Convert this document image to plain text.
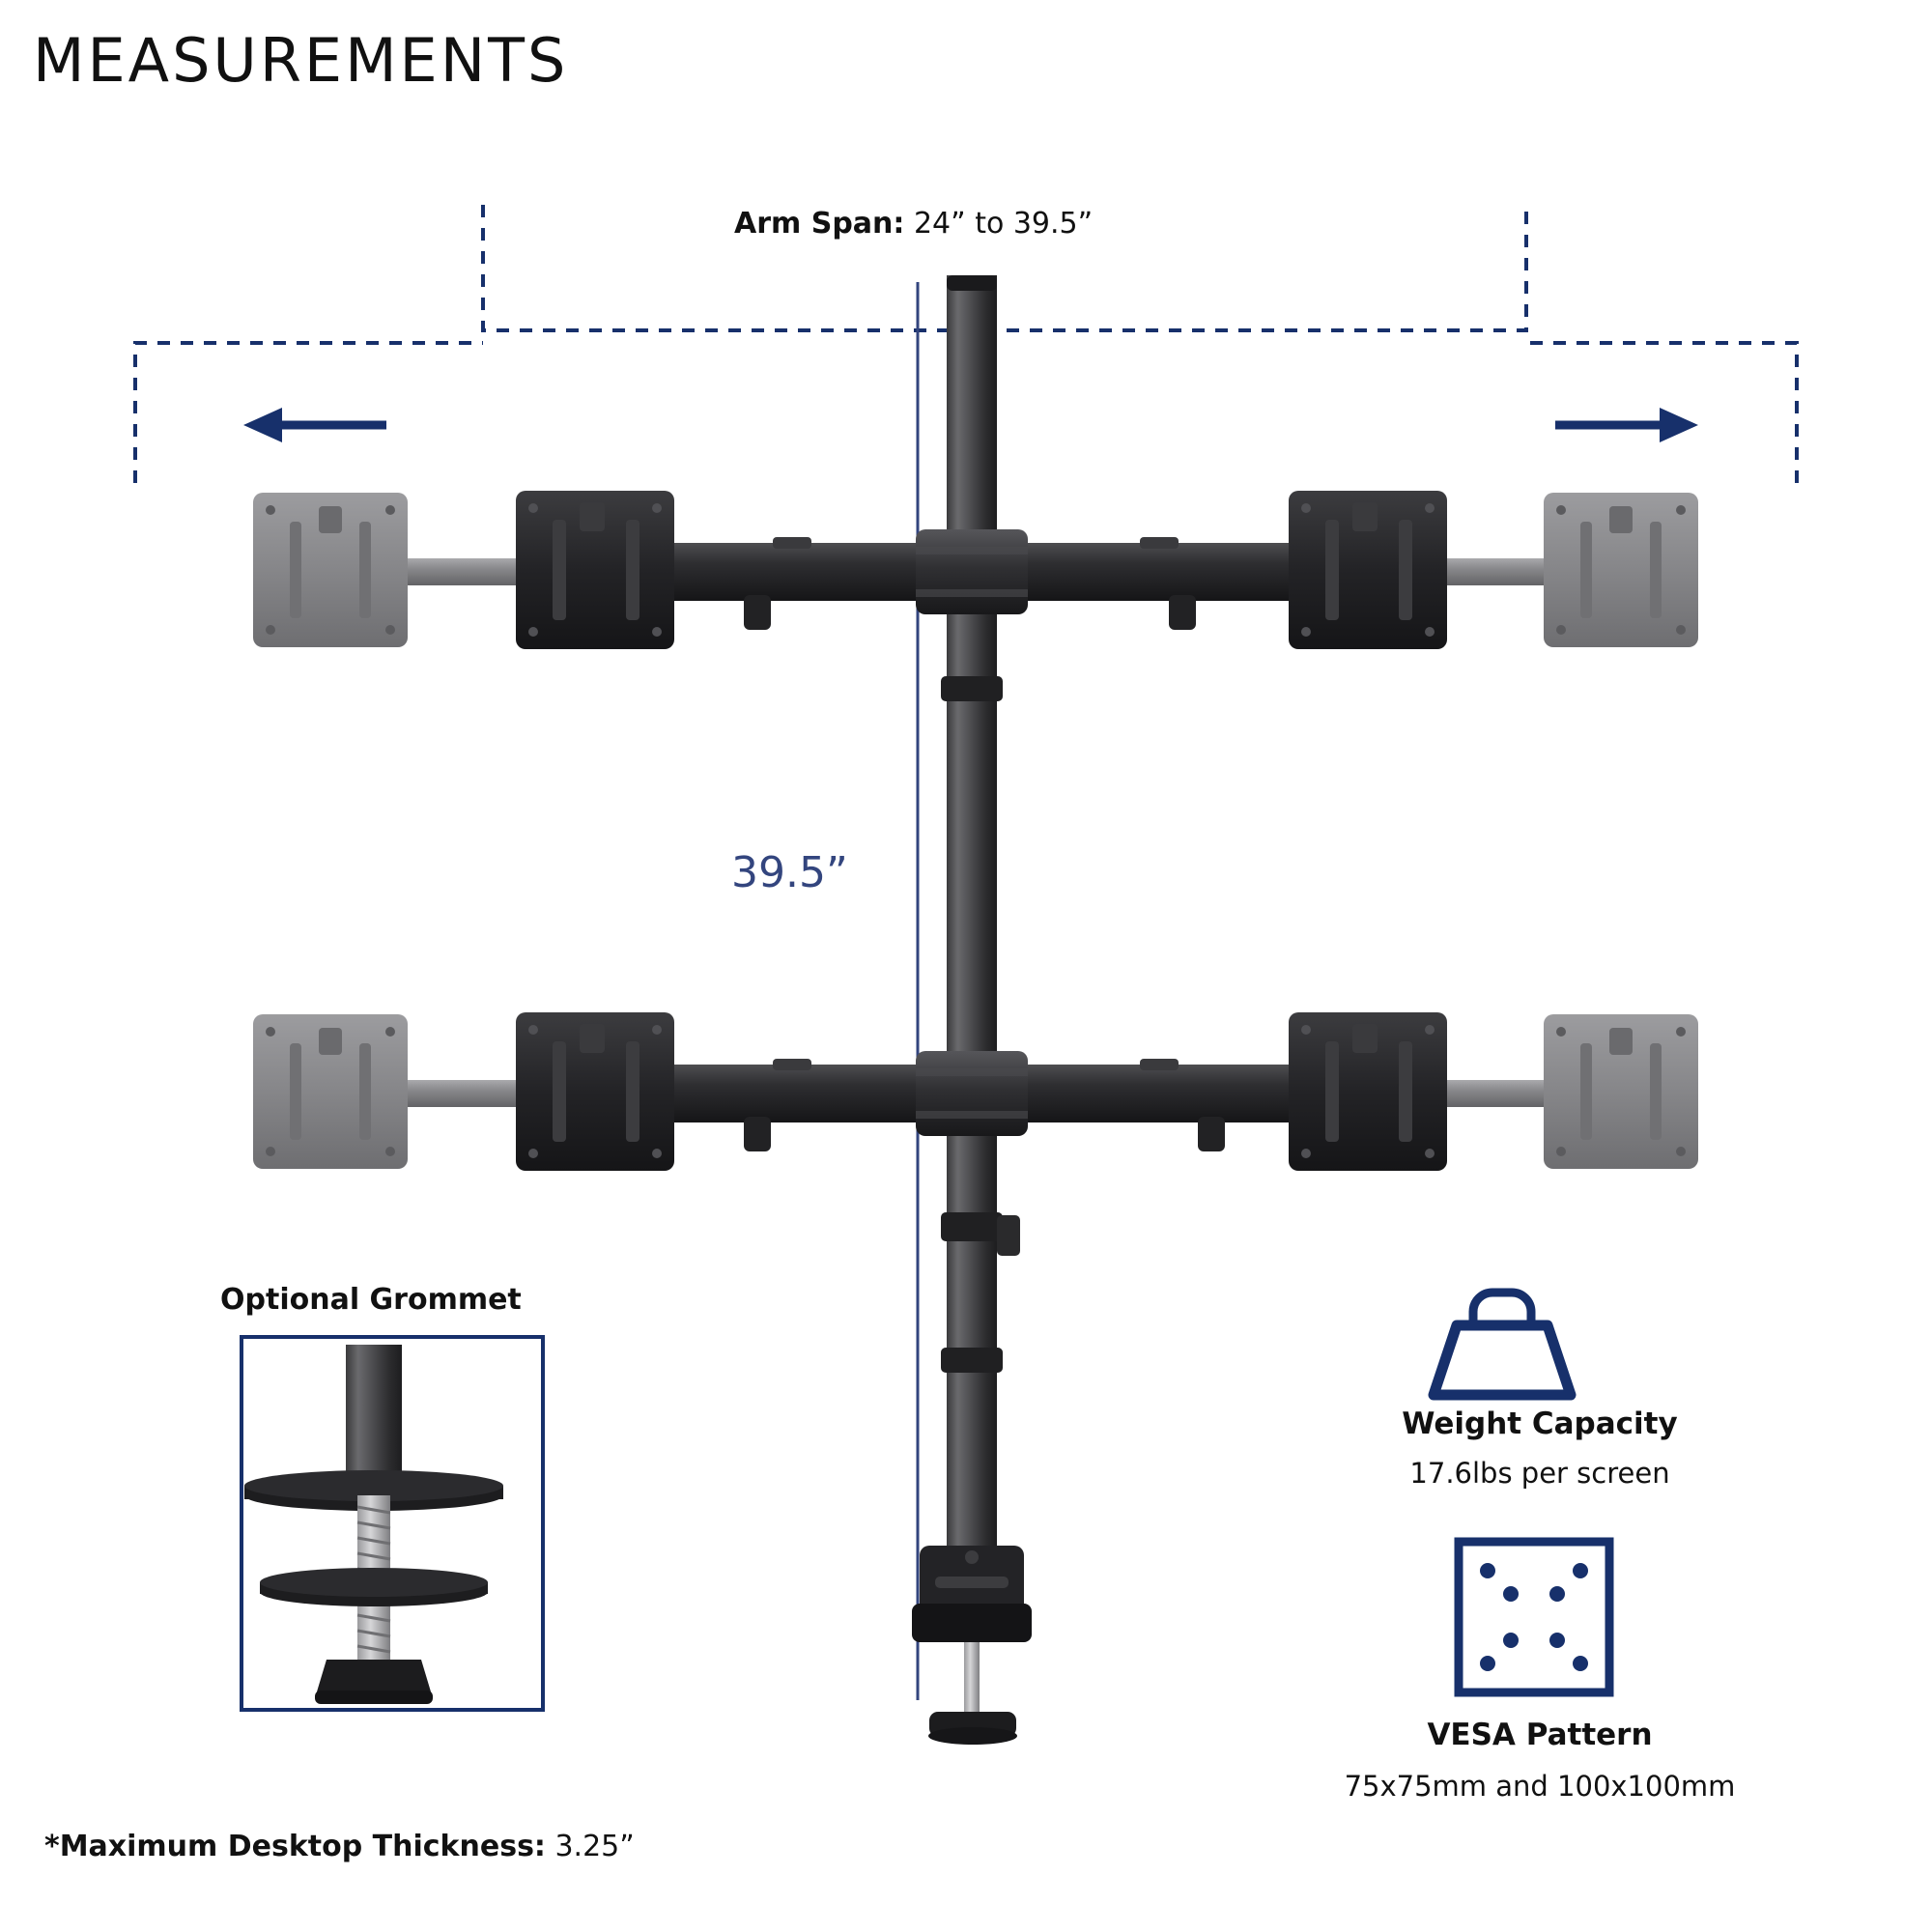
MEASUREMENTS
Arm Span: 24” to 39.5”
39.5”
Optional Grommet
Weight Capacity
17.6lbs per screen
VESA Pattern
75x75mm and 100x100mm
*Maximum Desktop Thickness: 3.25”
